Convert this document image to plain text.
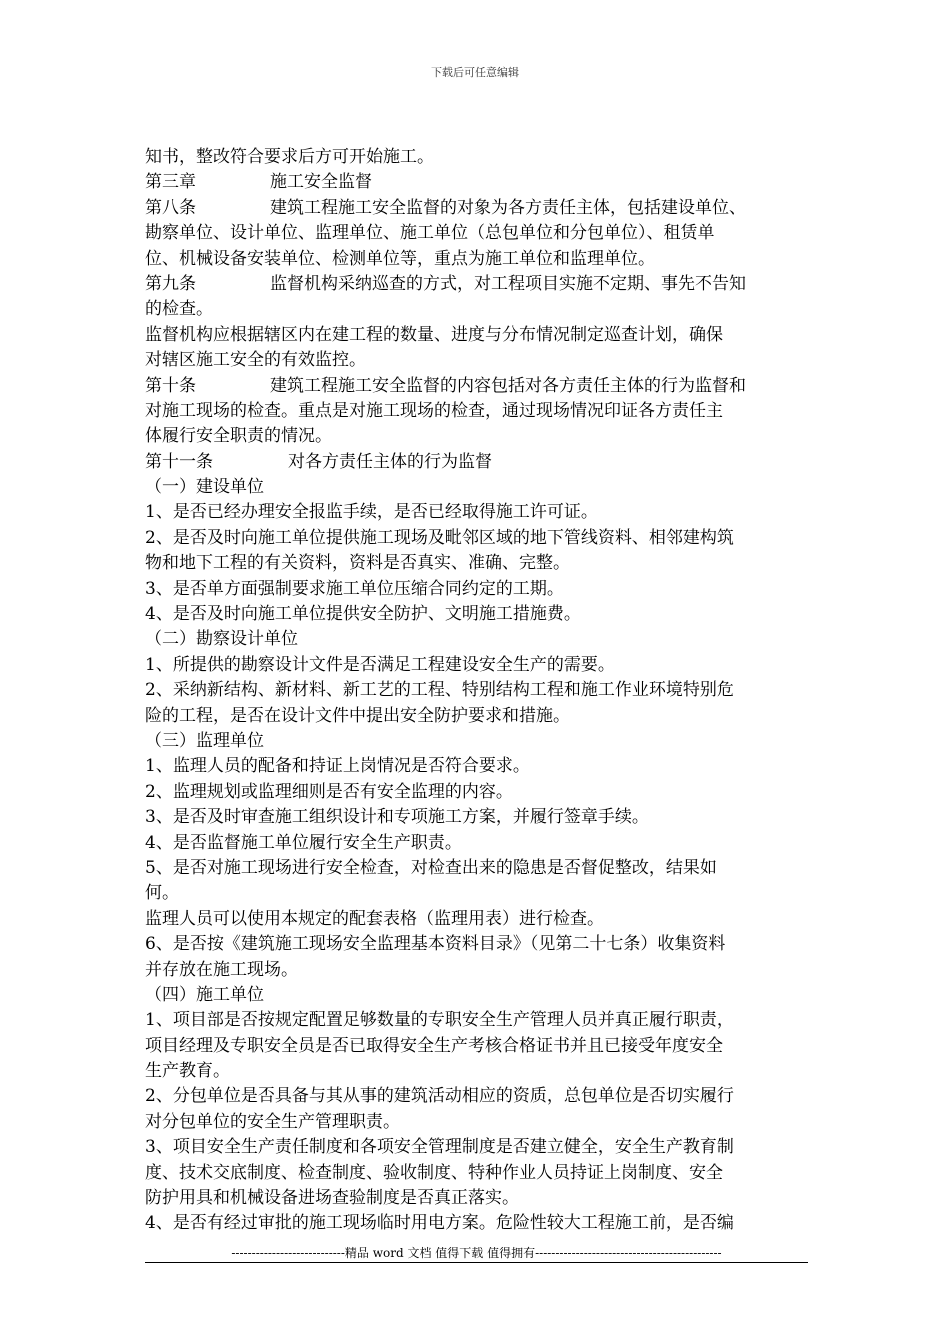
下载后可任意编辑
知书，整改符合要求后方可开始施工。
第三章	施工安全监督
第八条	建筑工程施工安全监督的对象为各方责任主体，包括建设单位、
勘察单位、设计单位、监理单位、施工单位（总包单位和分包单位）、租赁单
位、机械设备安装单位、检测单位等，重点为施工单位和监理单位。
第九条	监督机构采纳巡查的方式，对工程项目实施不定期、事先不告知
的检查。
监督机构应根据辖区内在建工程的数量、进度与分布情况制定巡查计划，确保
对辖区施工安全的有效监控。
第十条	建筑工程施工安全监督的内容包括对各方责任主体的行为监督和
对施工现场的检查。重点是对施工现场的检查，通过现场情况印证各方责任主
体履行安全职责的情况。
第十一条	对各方责任主体的行为监督
（一）建设单位
1、是否已经办理安全报监手续，是否已经取得施工许可证。
2、是否及时向施工单位提供施工现场及毗邻区域的地下管线资料、相邻建构筑
物和地下工程的有关资料，资料是否真实、准确、完整。
3、是否单方面强制要求施工单位压缩合同约定的工期。
4、是否及时向施工单位提供安全防护、文明施工措施费。
（二）勘察设计单位
1、所提供的勘察设计文件是否满足工程建设安全生产的需要。
2、采纳新结构、新材料、新工艺的工程、特别结构工程和施工作业环境特别危
险的工程，是否在设计文件中提出安全防护要求和措施。
（三）监理单位
1、监理人员的配备和持证上岗情况是否符合要求。
2、监理规划或监理细则是否有安全监理的内容。
3、是否及时审查施工组织设计和专项施工方案，并履行签章手续。
4、是否监督施工单位履行安全生产职责。
5、是否对施工现场进行安全检查，对检查出来的隐患是否督促整改，结果如
何。
监理人员可以使用本规定的配套表格（监理用表）进行检查。
6、是否按《建筑施工现场安全监理基本资料目录》（见第二十七条）收集资料
并存放在施工现场。
（四）施工单位
1、项目部是否按规定配置足够数量的专职安全生产管理人员并真正履行职责，
项目经理及专职安全员是否已取得安全生产考核合格证书并且已接受年度安全
生产教育。
2、分包单位是否具备与其从事的建筑活动相应的资质，总包单位是否切实履行
对分包单位的安全生产管理职责。
3、项目安全生产责任制度和各项安全管理制度是否建立健全，安全生产教育制
度、技术交底制度、检查制度、验收制度、特种作业人员持证上岗制度、安全
防护用具和机械设备进场查验制度是否真正落实。
4、是否有经过审批的施工现场临时用电方案。危险性较大工程施工前，是否编
----------------------------精品 word 文档 值得下载 值得拥有----------------------------------------------
